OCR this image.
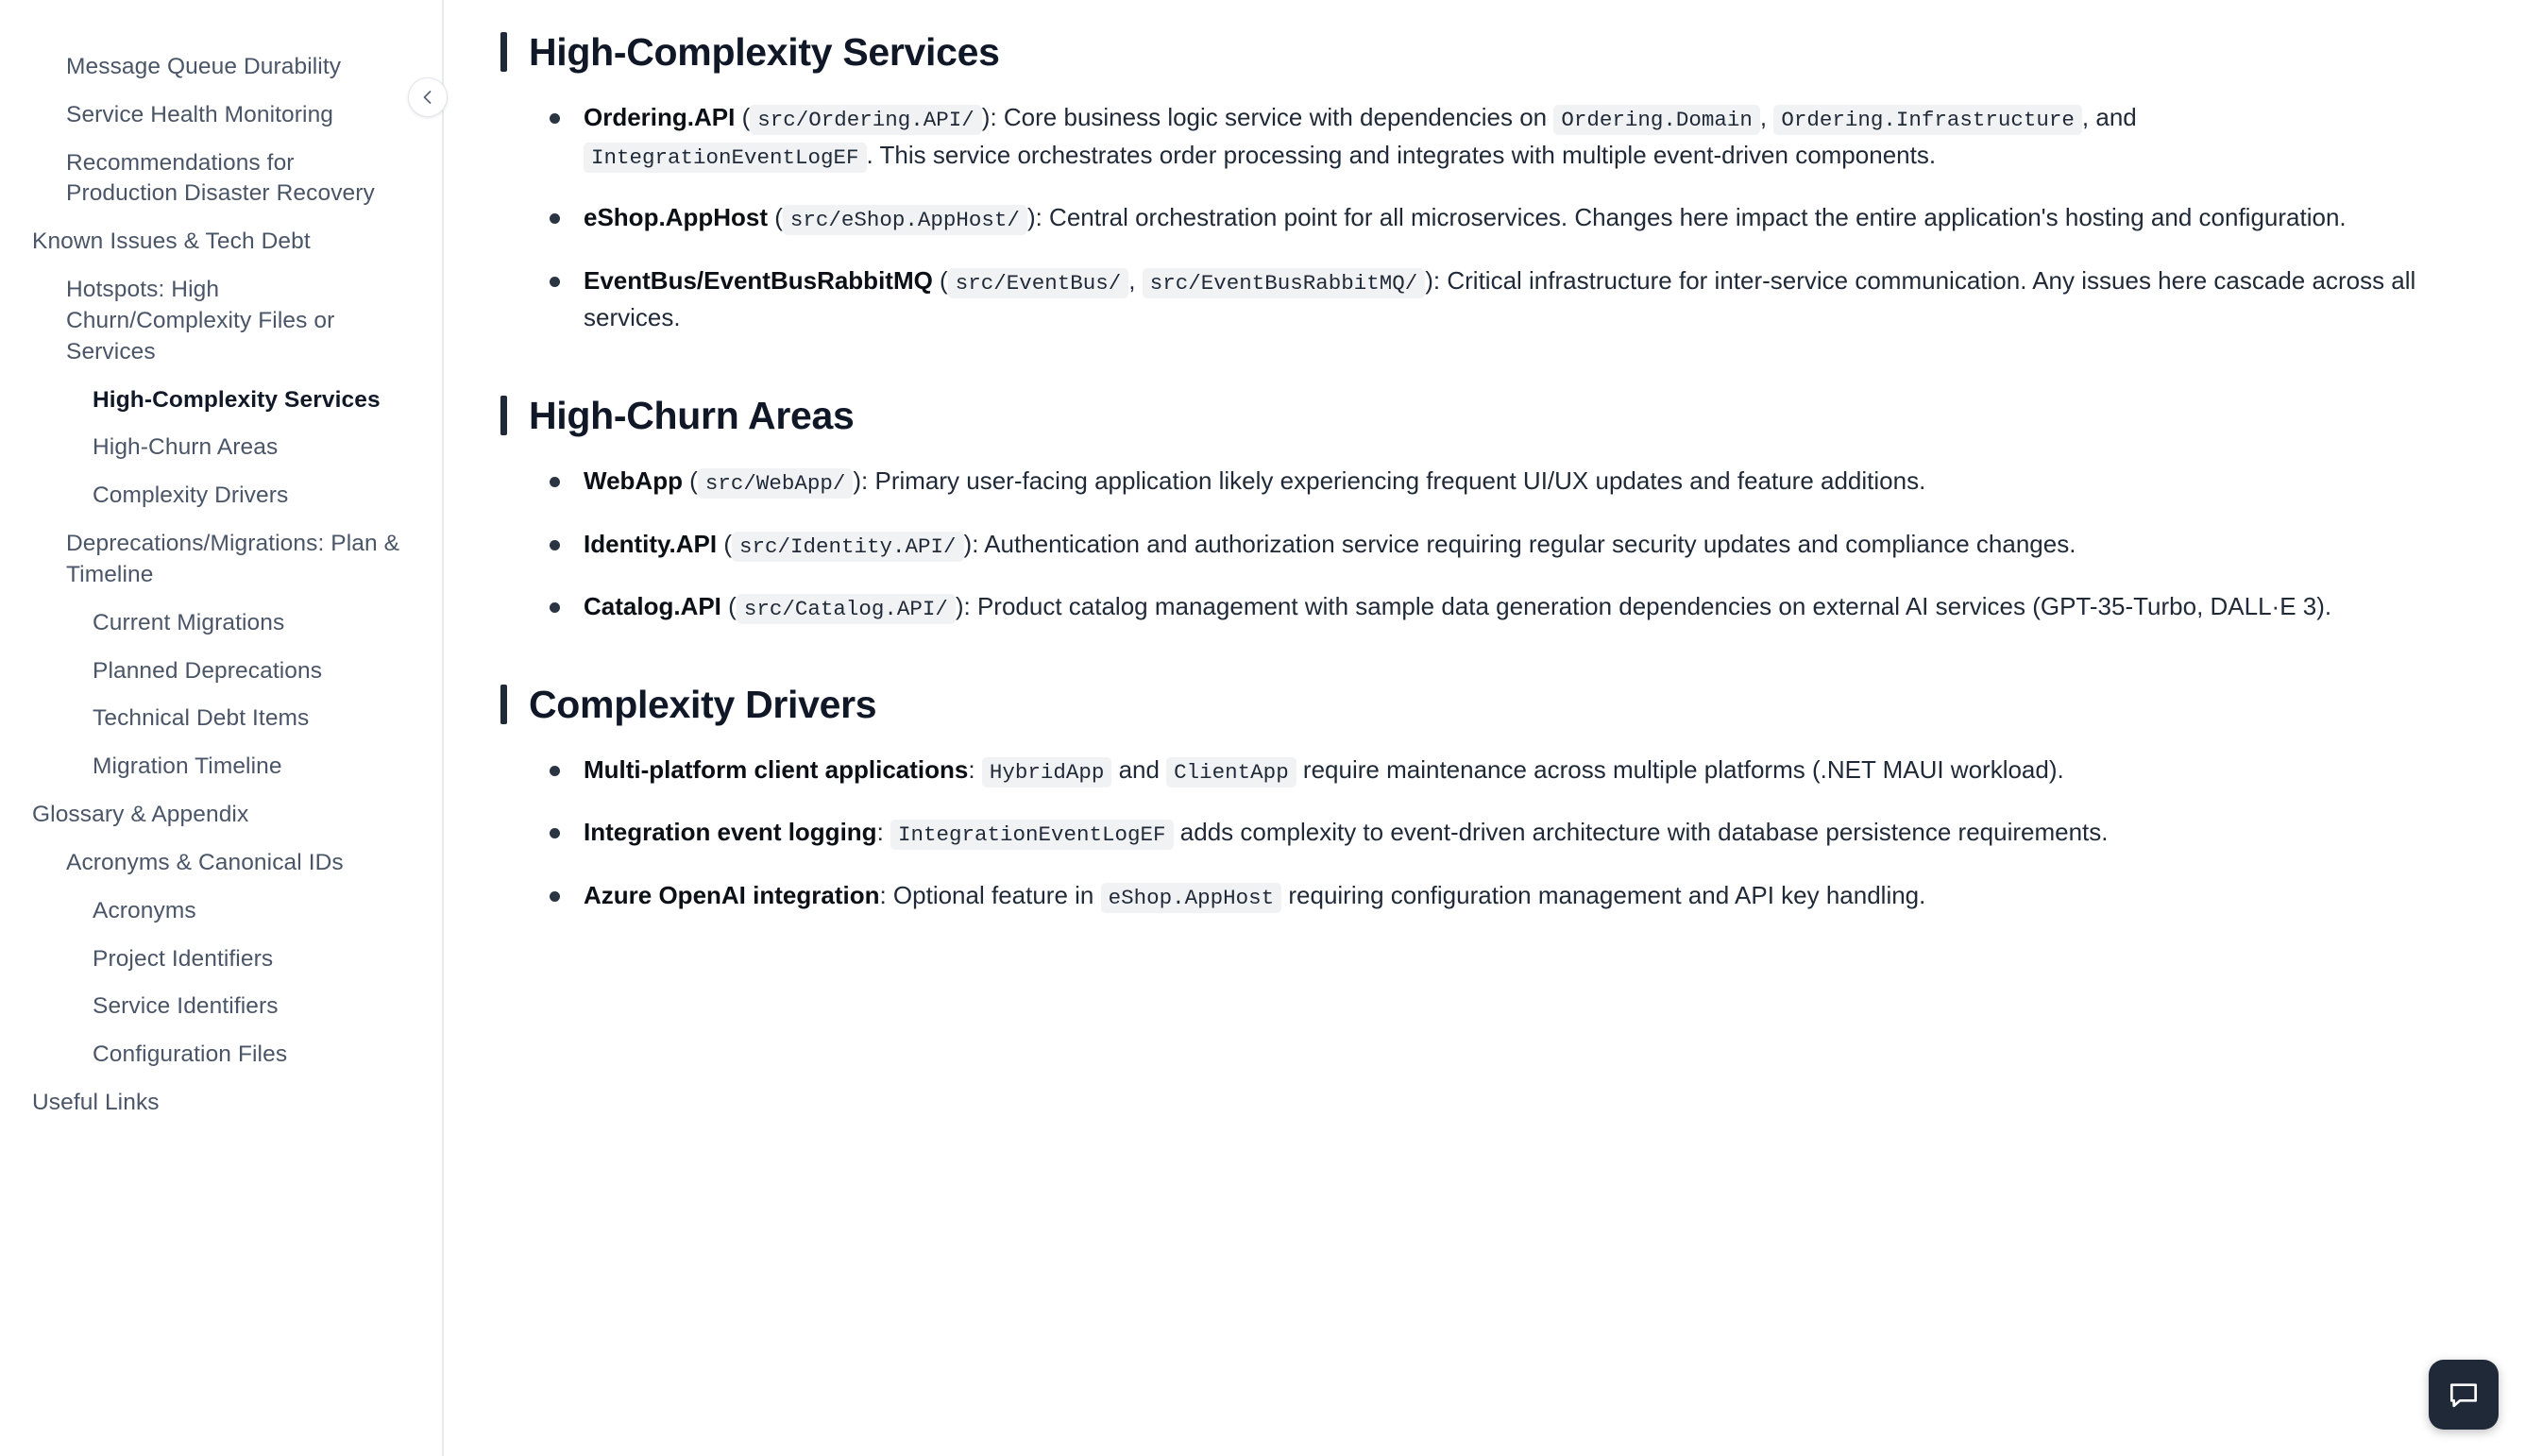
Message Queue Durability
Service Health Monitoring
Recommendations for Production Disaster Recovery
Known Issues & Tech Debt
Hotspots: High Churn/Complexity Files or Services
High-Complexity Services
High-Churn Areas
Complexity Drivers
Deprecations/Migrations: Plan & Timeline
Current Migrations
Planned Deprecations
Technical Debt Items
Migration Timeline
Glossary & Appendix
Acronyms & Canonical IDs
Acronyms
Project Identifiers
Service Identifiers
Configuration Files
Useful Links
High-Complexity Services
Ordering.API ( src/Ordering.API/ ): Core business logic service with dependencies on Ordering.Domain , Ordering.Infrastructure , and IntegrationEventLogEF . This service orchestrates order processing and integrates with multiple event-driven components.
eShop.AppHost ( src/eShop.AppHost/ ): Central orchestration point for all microservices. Changes here impact the entire application's hosting and configuration.
EventBus/EventBusRabbitMQ ( src/EventBus/ , src/EventBusRabbitMQ/ ): Critical infrastructure for inter-service communication. Any issues here cascade across all services.
High-Churn Areas
WebApp ( src/WebApp/ ): Primary user-facing application likely experiencing frequent UI/UX updates and feature additions.
Identity.API ( src/Identity.API/ ): Authentication and authorization service requiring regular security updates and compliance changes.
Catalog.API ( src/Catalog.API/ ): Product catalog management with sample data generation dependencies on external AI services (GPT-35-Turbo, DALL·E 3).
Complexity Drivers
Multi-platform client applications: HybridApp and ClientApp require maintenance across multiple platforms (.NET MAUI workload).
Integration event logging: IntegrationEventLogEF adds complexity to event-driven architecture with database persistence requirements.
Azure OpenAI integration: Optional feature in eShop.AppHost requiring configuration management and API key handling.
